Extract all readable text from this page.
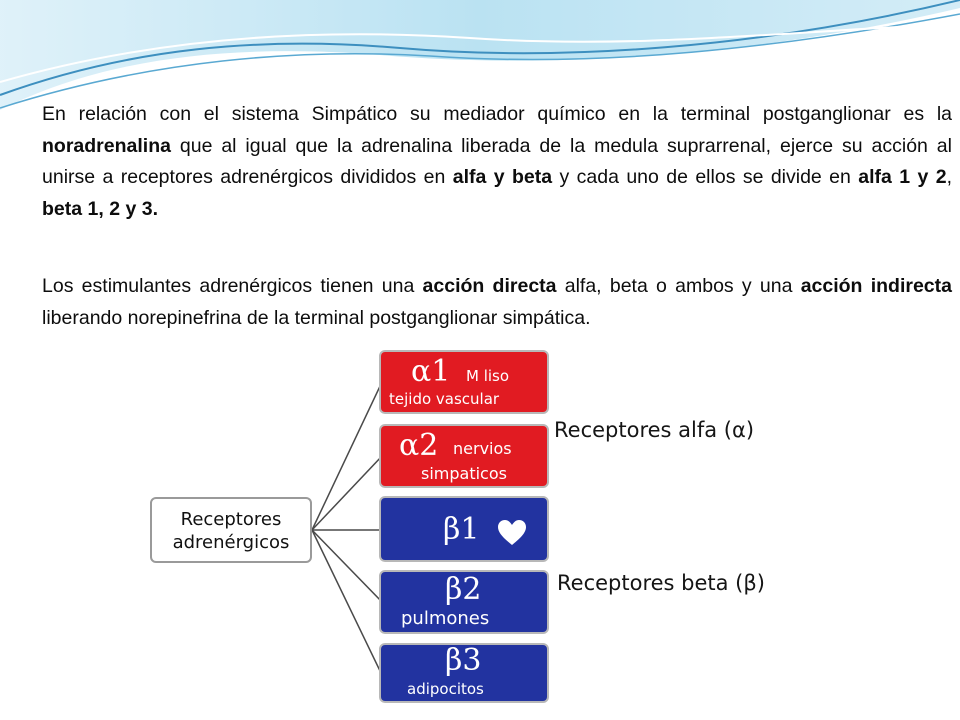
En relación con el sistema Simpático su mediador químico en la terminal postganglionar es la noradrenalina que al igual que la adrenalina liberada de la medula suprarrenal, ejerce su acción al unirse a receptores adrenérgicos divididos en alfa y beta y cada uno de ellos se divide en alfa 1 y 2, beta 1, 2 y 3.
Los estimulantes adrenérgicos tienen una acción directa alfa, beta o ambos y una acción indirecta liberando norepinefrina de la terminal postganglionar simpática.
Receptores
adrenérgicos
α1 M liso
tejido vascular
α2 nervios
simpaticos
β1
β2
pulmones
β3
adipocitos
Receptores alfa (α)
Receptores beta (β)
